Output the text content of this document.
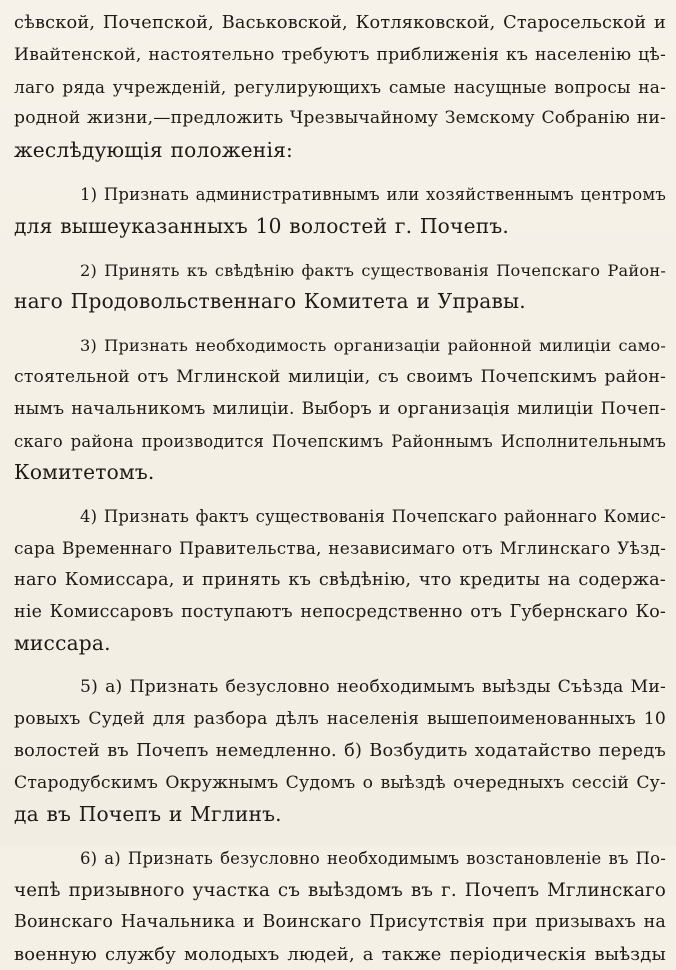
сѣвской, Почепской, Васьковской, Котляковской, Старосельской и
Ивайтенской, настоятельно требуютъ приближенія къ населенію цѣ-
лаго ряда учрежденій, регулирующихъ самые насущные вопросы на-
родной жизни,—предложить Чрезвычайному Земскому Собранію ни-
жеслѣдующія положенія:
1) Признать административнымъ или хозяйственнымъ центромъ
для вышеуказанныхъ 10 волостей г. Почепъ.
2) Принять къ свѣдѣнію фактъ существованія Почепскаго Район-
наго Продовольственнаго Комитета и Управы.
3) Признать необходимость организаціи районной милиціи само-
стоятельной отъ Мглинской милиціи, съ своимъ Почепскимъ район-
нымъ начальникомъ милиціи. Выборъ и организація милиціи Почеп-
скаго района производится Почепскимъ Районнымъ Исполнительнымъ
Комитетомъ.
4) Признать фактъ существованія Почепскаго районнаго Комис-
сара Временнаго Правительства, независимаго отъ Мглинскаго Уѣзд-
наго Комиссара, и принять къ свѣдѣнію, что кредиты на содержа-
ніе Комиссаровъ поступаютъ непосредственно отъ Губернскаго Ко-
миссара.
5) а) Признать безусловно необходимымъ выѣзды Съѣзда Ми-
ровыхъ Судей для разбора дѣлъ населенія вышепоименованныхъ 10
волостей въ Почепъ немедленно. б) Возбудить ходатайство передъ
Стародубскимъ Окружнымъ Судомъ о выѣздѣ очередныхъ сессій Су-
да въ Почепъ и Мглинъ.
6) а) Признать безусловно необходимымъ возстановленіе въ По-
чепѣ призывного участка съ выѣздомъ въ г. Почепъ Мглинскаго
Воинскаго Начальника и Воинскаго Присутствія при призывахъ на
военную службу молодыхъ людей, а также періодическія выѣзды
